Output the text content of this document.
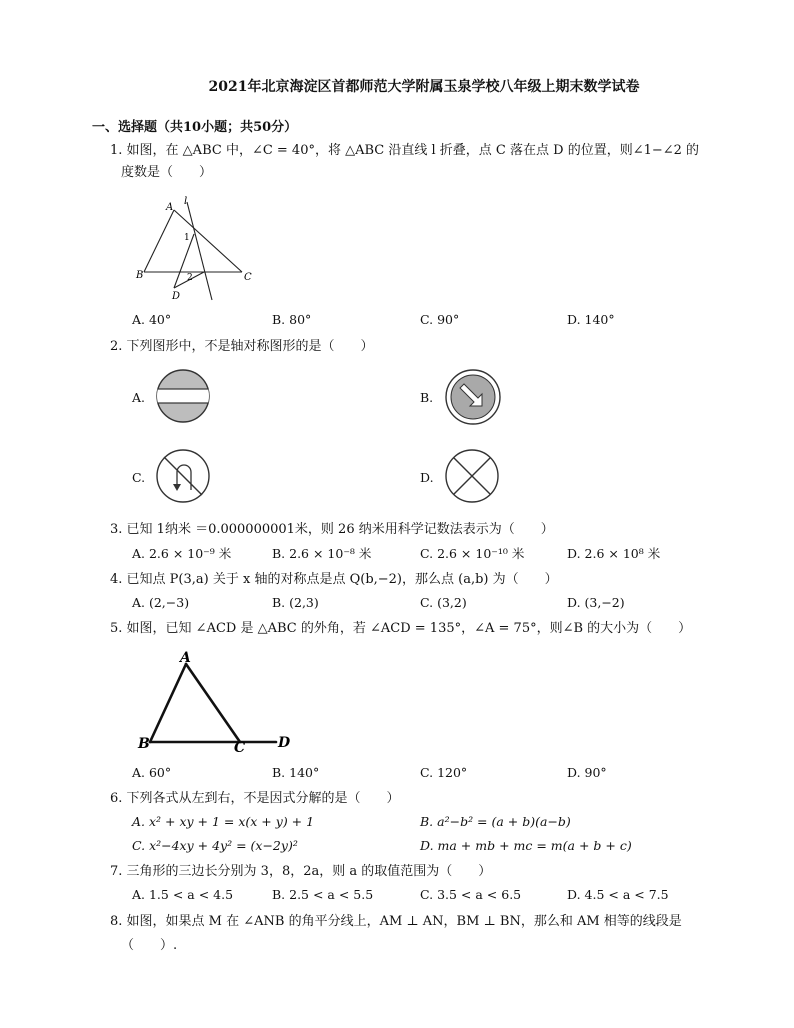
2021年北京海淀区首都师范大学附属玉泉学校八年级上期末数学试卷
一、选择题（共10小题；共50分）
1. 如图，在 △ABC 中，∠C = 40°，将 △ABC 沿直线 l 折叠，点 C 落在点 D 的位置，则∠1−∠2 的
度数是（　　）
A
B	C
D
l
1
2
A. 40°	B. 80°	C. 90°	D. 140°
2. 下列图形中，不是轴对称图形的是（　　）
A.	B.
C.	D.
3. 已知 1纳米 ＝0.000000001米，则 26 纳米用科学记数法表示为（　　）
A. 2.6 × 10⁻⁹ 米	B. 2.6 × 10⁻⁸ 米	C. 2.6 × 10⁻¹⁰ 米	D. 2.6 × 10⁸ 米
4. 已知点 P(3,a) 关于 x 轴的对称点是点 Q(b,−2)，那么点 (a,b) 为（　　）
A. (2,−3)	B. (2,3)	C. (3,2)	D. (3,−2)
5. 如图，已知 ∠ACD 是 △ABC 的外角，若 ∠ACD = 135°，∠A = 75°，则∠B 的大小为（　　）
A
B	C D
A. 60°	B. 140°	C. 120°	D. 90°
6. 下列各式从左到右，不是因式分解的是（　　）
A. x² + xy + 1 = x(x + y) + 1	B. a²−b² = (a + b)(a−b)
C. x²−4xy + 4y² = (x−2y)²	D. ma + mb + mc = m(a + b + c)
7. 三角形的三边长分别为 3，8，2a，则 a 的取值范围为（　　）
A. 1.5 < a < 4.5	B. 2.5 < a < 5.5	C. 3.5 < a < 6.5	D. 4.5 < a < 7.5
8. 如图，如果点 M 在 ∠ANB 的角平分线上，AM ⊥ AN，BM ⊥ BN，那么和 AM 相等的线段是
（　　）.
